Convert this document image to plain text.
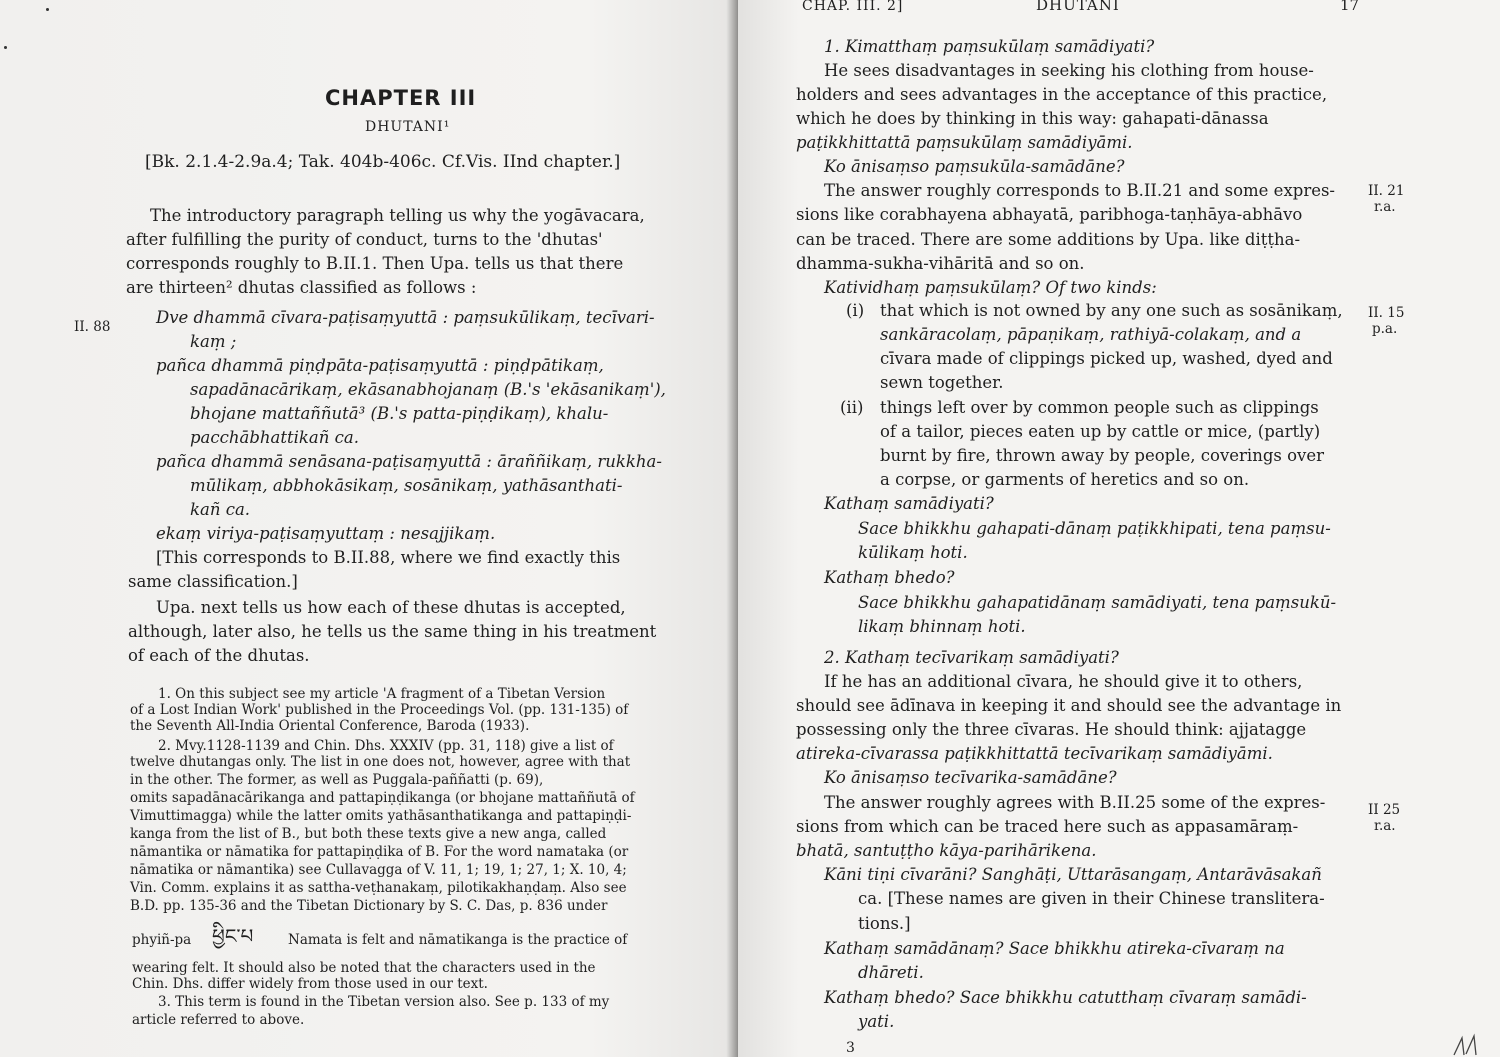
CHAPTER III
DHUTANI¹
[Bk. 2.1.4-2.9a.4; Tak. 404b-406c. Cf.Vis. IInd chapter.]
The introductory paragraph telling us why the yogāvacara,
after fulfilling the purity of conduct, turns to the 'dhutas'
corresponds roughly to B.II.1. Then Upa. tells us that there
are thirteen² dhutas classified as follows :
II. 88	Dve dhammā cīvara-paṭisaṃyuttā : paṃsukūlikaṃ, tecīvari-
kaṃ ;
pañca dhammā piṇḍpāta-paṭisaṃyuttā : piṇḍpātikaṃ,
sapadānacārikaṃ, ekāsanabhojanaṃ (B.'s 'ekāsanikaṃ'),
bhojane mattaññutā³ (B.'s patta-piṇḍikaṃ), khalu-
pacchābhattikañ ca.
pañca dhammā senāsana-paṭisaṃyuttā : āraññikaṃ, rukkha-
mūlikaṃ, abbhokāsikaṃ, sosānikaṃ, yathāsanthati-
kañ ca.
ekaṃ viriya-paṭisaṃyuttaṃ : nesajjikaṃ.
[This corresponds to B.II.88, where we find exactly this
same classification.]
Upa. next tells us how each of these dhutas is accepted,
although, later also, he tells us the same thing in his treatment
of each of the dhutas.
1. On this subject see my article 'A fragment of a Tibetan Version
of a Lost Indian Work' published in the Proceedings Vol. (pp. 131-135) of
the Seventh All-India Oriental Conference, Baroda (1933).
2. Mvy.1128-1139 and Chin. Dhs. XXXIV (pp. 31, 118) give a list of
twelve dhutangas only. The list in one does not, however, agree with that
in the other. The former, as well as Puggala-paññatti (p. 69),
omits sapadānacārikanga and pattapiṇḍikanga (or bhojane mattaññutā of
Vimuttimagga) while the latter omits yathāsanthatikanga and pattapiṇḍi-
kanga from the list of B., but both these texts give a new anga, called
nāmantika or nāmatika for pattapiṇḍika of B. For the word namataka (or
nāmatika or nāmantika) see Cullavagga of V. 11, 1; 19, 1; 27, 1; X. 10, 4;
Vin. Comm. explains it as sattha-veṭhanakaṃ, pilotikakhaṇḍaṃ. Also see
B.D. pp. 135-36 and the Tibetan Dictionary by S. C. Das, p. 836 under
phyiñ-pa ཕྱིང་པ	Namata is felt and nāmatikanga is the practice of
wearing felt. It should also be noted that the characters used in the
Chin. Dhs. differ widely from those used in our text.
3. This term is found in the Tibetan version also. See p. 133 of my
article referred to above.
CHAP. III. 2]	DHUTANI	17
II. 21
r.a.
II. 15
p.a.
II 25
r.a.
1. Kimatthaṃ paṃsukūlaṃ samādiyati?
He sees disadvantages in seeking his clothing from house-
holders and sees advantages in the acceptance of this practice,
which he does by thinking in this way: gahapati-dānassa
paṭikkhittattā paṃsukūlaṃ samādiyāmi.
Ko ānisaṃso paṃsukūla-samādāne?
The answer roughly corresponds to B.II.21 and some expres-
sions like corabhayena abhayatā, paribhoga-taṇhāya-abhāvo
can be traced. There are some additions by Upa. like diṭṭha-
dhamma-sukha-vihāritā and so on.
Katividhaṃ paṃsukūlaṃ? Of two kinds:
(i) that which is not owned by any one such as sosānikaṃ,
sankāracolaṃ, pāpaṇikaṃ, rathiyā-colakaṃ, and a
cīvara made of clippings picked up, washed, dyed and
sewn together.
(ii) things left over by common people such as clippings
of a tailor, pieces eaten up by cattle or mice, (partly)
burnt by fire, thrown away by people, coverings over
a corpse, or garments of heretics and so on.
Kathaṃ samādiyati?
Sace bhikkhu gahapati-dānaṃ paṭikkhipati, tena paṃsu-
kūlikaṃ hoti.
Kathaṃ bhedo?
Sace bhikkhu gahapatidānaṃ samādiyati, tena paṃsukū-
likaṃ bhinnaṃ hoti.
2. Kathaṃ tecīvarikaṃ samādiyati?
If he has an additional cīvara, he should give it to others,
should see ādīnava in keeping it and should see the advantage in
possessing only the three cīvaras. He should think: ajjatagge
atireka-cīvarassa paṭikkhittattā tecīvarikaṃ samādiyāmi.
Ko ānisaṃso tecīvarika-samādāne?
The answer roughly agrees with B.II.25 some of the expres-
sions from which can be traced here such as appasamāraṃ-
bhatā, santuṭṭho kāya-parihārikena.
Kāni tiṇi cīvarāni? Sanghāṭi, Uttarāsangaṃ, Antarāvāsakañ
ca. [These names are given in their Chinese translitera-
tions.]
Kathaṃ samādānaṃ? Sace bhikkhu atireka-cīvaraṃ na
dhāreti.
Kathaṃ bhedo? Sace bhikkhu catutthaṃ cīvaraṃ samādi-
yati.
3
